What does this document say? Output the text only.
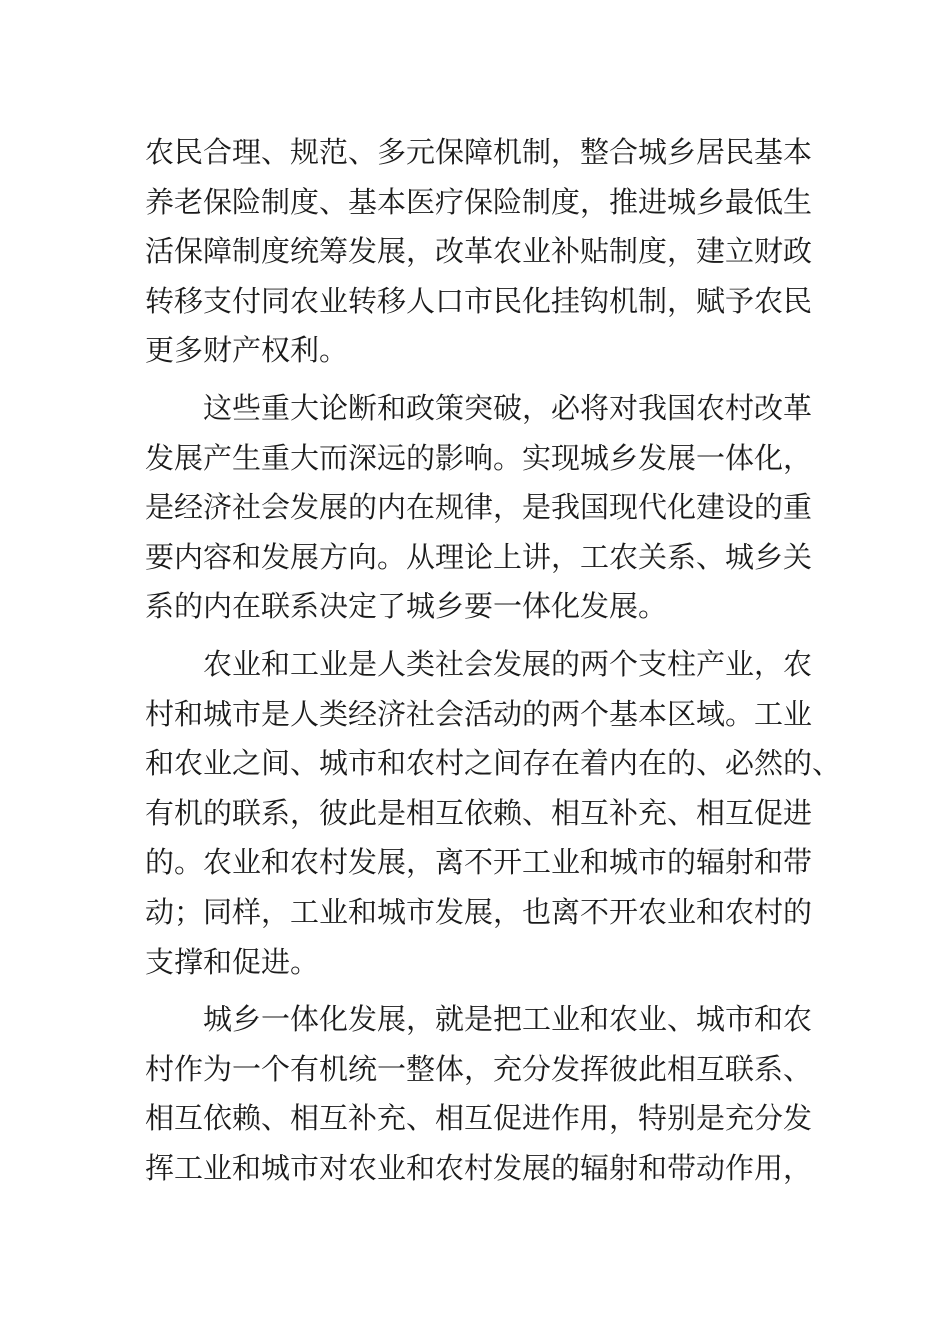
农民合理、规范、多元保障机制，整合城乡居民基本
养老保险制度、基本医疗保险制度，推进城乡最低生
活保障制度统筹发展，改革农业补贴制度，建立财政
转移支付同农业转移人口市民化挂钩机制，赋予农民
更多财产权利。
　　这些重大论断和政策突破，必将对我国农村改革
发展产生重大而深远的影响。实现城乡发展一体化，
是经济社会发展的内在规律，是我国现代化建设的重
要内容和发展方向。从理论上讲，工农关系、城乡关
系的内在联系决定了城乡要一体化发展。
　　农业和工业是人类社会发展的两个支柱产业，农
村和城市是人类经济社会活动的两个基本区域。工业
和农业之间、城市和农村之间存在着内在的、必然的、
有机的联系，彼此是相互依赖、相互补充、相互促进
的。农业和农村发展，离不开工业和城市的辐射和带
动；同样，工业和城市发展，也离不开农业和农村的
支撑和促进。
　　城乡一体化发展，就是把工业和农业、城市和农
村作为一个有机统一整体，充分发挥彼此相互联系、
相互依赖、相互补充、相互促进作用，特别是充分发
挥工业和城市对农业和农村发展的辐射和带动作用，
